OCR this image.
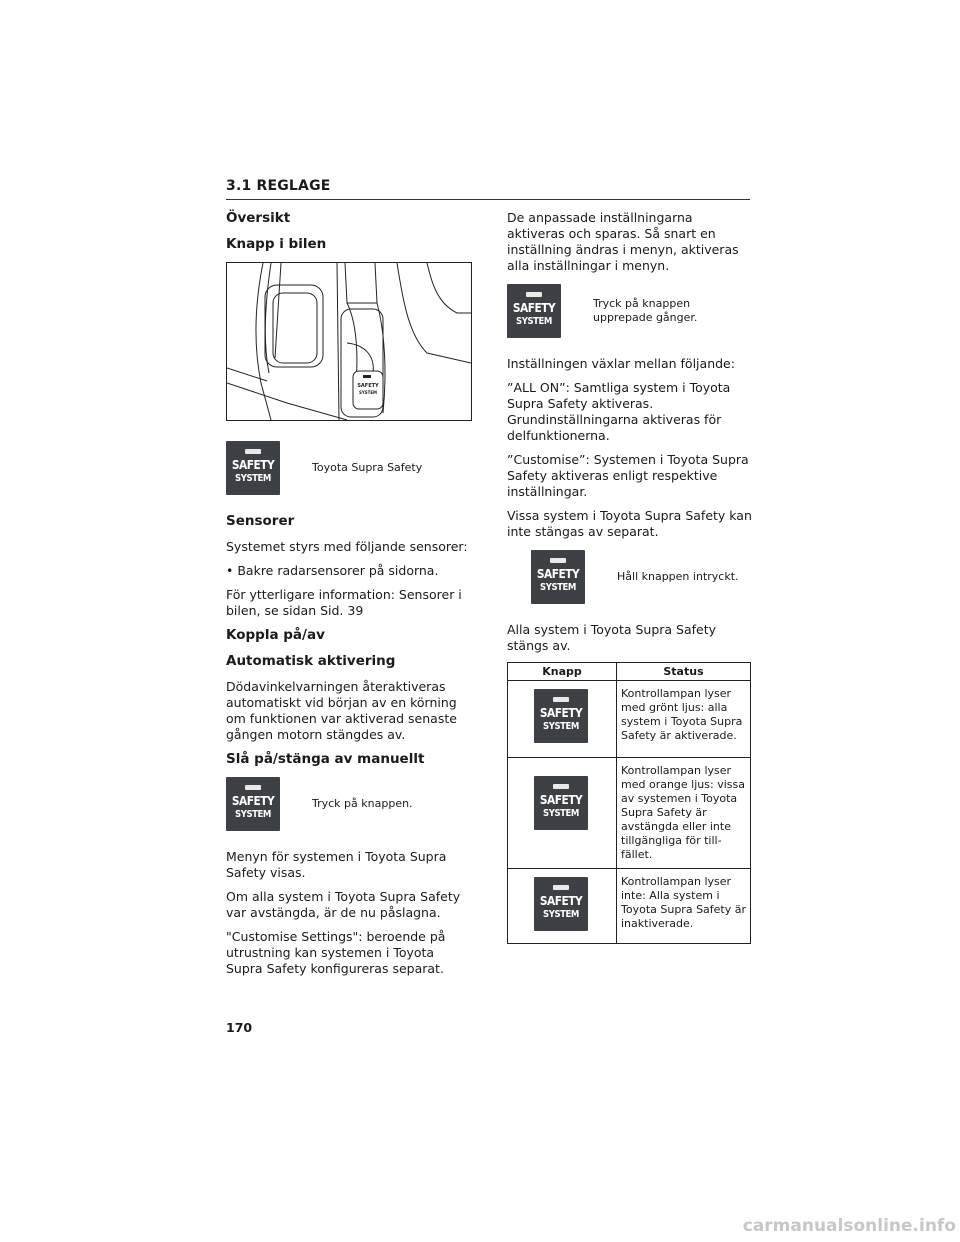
3.1 REGLAGE
Översikt
Knapp i bilen
SAFETY
SYSTEM
SAFETY
SYSTEM
Toyota Supra Safety
Sensorer

Systemet styrs med följande sensorer:

• Bakre radarsensorer på sidorna.

För ytterligare information: Sensorer i bilen, se sidan Sid. 39

Koppla på/av
Automatisk aktivering

Dödavinkelvarningen återaktiveras automatiskt vid början av en körning om funktionen var aktiverad senaste gången motorn stängdes av.

Slå på/stänga av manuellt
SAFETY
SYSTEM
Tryck på knappen.

Menyn för systemen i Toyota Supra Safety visas.

Om alla system i Toyota Supra Safety var avstängda, är de nu påslagna.

"Customise Settings": beroende på utrustning kan systemen i Toyota Supra Safety konfigureras separat.

De anpassade inställningarna aktiveras och sparas. Så snart en inställning ändras i menyn, aktiveras alla inställningar i menyn.

SAFETY
SYSTEM
Tryck på knappen upprepade gånger.

Inställningen växlar mellan följande:

”ALL ON”: Samtliga system i Toyota Supra Safety aktiveras. Grundinställningarna aktiveras för delfunktionerna.

”Customise”: Systemen i Toyota Supra Safety aktiveras enligt respektive inställningar.

Vissa system i Toyota Supra Safety kan inte stängas av separat.

SAFETY
SYSTEM
Håll knappen intryckt.

Alla system i Toyota Supra Safety stängs av.

Knapp	Status

SAFETY
SYSTEM	Kontrollampan lyser med grönt ljus: alla system i Toyota Supra Safety är aktiverade.

SAFETY
SYSTEM	Kontrollampan lyser med orange ljus: vissa av systemen i Toyota Supra Safety är avstängda eller inte tillgängliga för tillfället.

SAFETY
SYSTEM	Kontrollampan lyser inte: Alla system i Toyota Supra Safety är inaktiverade.
170
carmanualsonline.info
